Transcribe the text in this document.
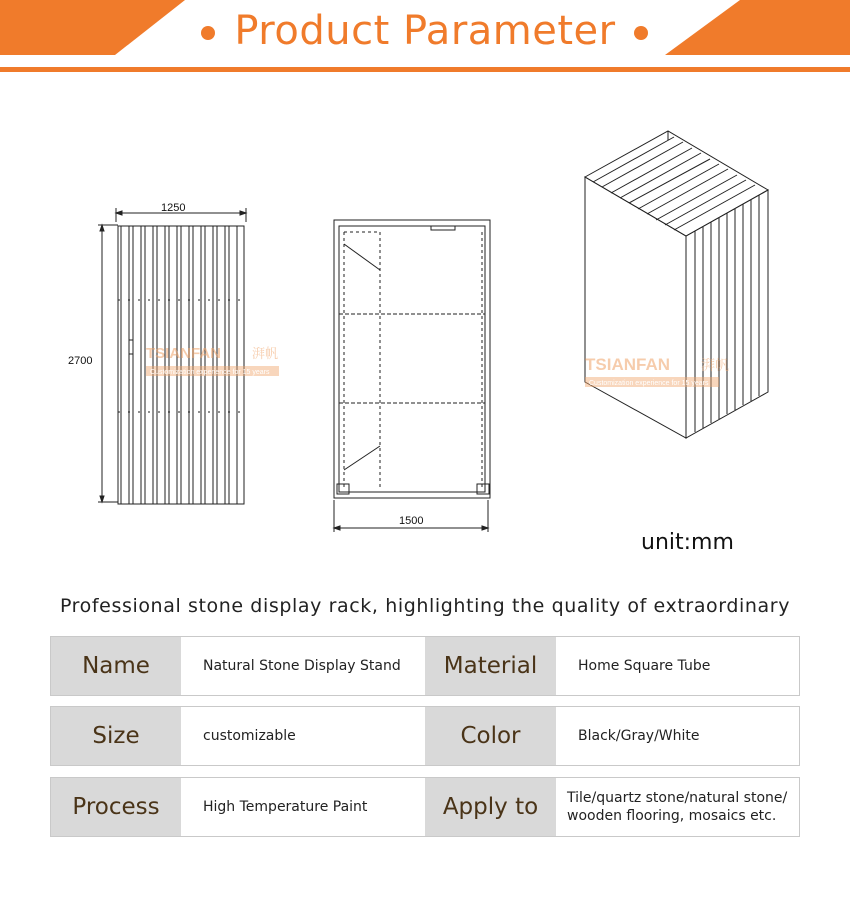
Product Parameter
1250
2700	TSIANFAN 湃帆
Customization experience for 15 years
1500
TSIANFAN 湃帆
Customization experience for 15 years
unit:mm
Professional stone display rack, highlighting the quality of extraordinary
Name	Natural Stone Display Stand	Material	Home Square Tube
Size	customizable	Color	Black/Gray/White
Process	High Temperature Paint	Apply to	Tile/quartz stone/natural stone/
wooden flooring, mosaics etc.
